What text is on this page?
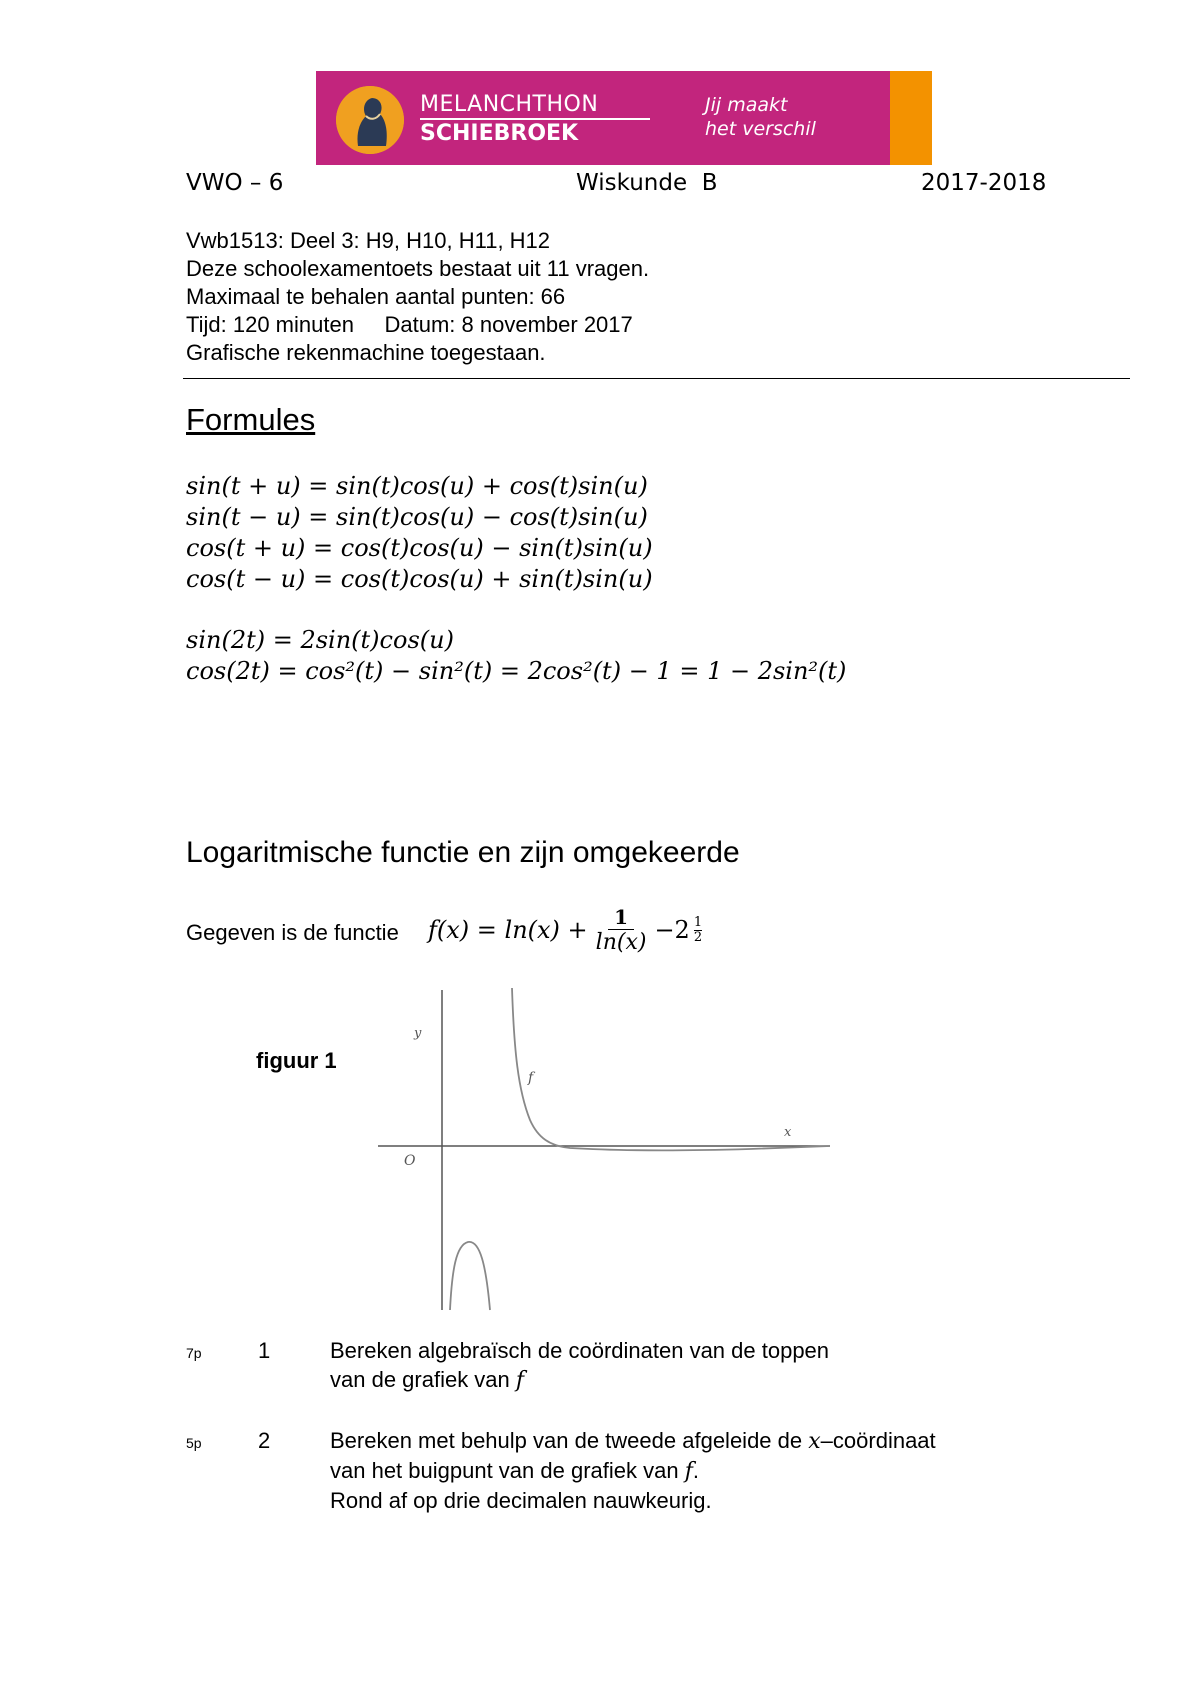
MELANCHTHON
SCHIEBROEK
Jij maakt
het verschil
VWO – 6	Wiskunde  B	2017-2018
Vwb1513: Deel 3: H9, H10, H11, H12
Deze schoolexamentoets bestaat uit 11 vragen.
Maximaal te behalen aantal punten: 66
Tijd: 120 minuten     Datum: 8 november 2017
Grafische rekenmachine toegestaan.
Formules
sin(t + u) = sin(t)cos(u) + cos(t)sin(u)
sin(t − u) = sin(t)cos(u) − cos(t)sin(u)
cos(t + u) = cos(t)cos(u) − sin(t)sin(u)
cos(t − u) = cos(t)cos(u) + sin(t)sin(u)
sin(2t) = 2sin(t)cos(u)
cos(2t) = cos²(t) − sin²(t) = 2cos²(t) − 1 = 1 − 2sin²(t)
Logaritmische functie en zijn omgekeerde
Gegeven is de functie $f(x) = \ln(x) + \frac{1}{\ln(x)} -2 \frac{1}{2}$
figuur 1
y
x
O
f
7p	1	Bereken algebraïsch de coördinaten van de toppen
van de grafiek van f
5p	2	Bereken met behulp van de tweede afgeleide de x–coördinaat
van het buigpunt van de grafiek van f.
Rond af op drie decimalen nauwkeurig.
